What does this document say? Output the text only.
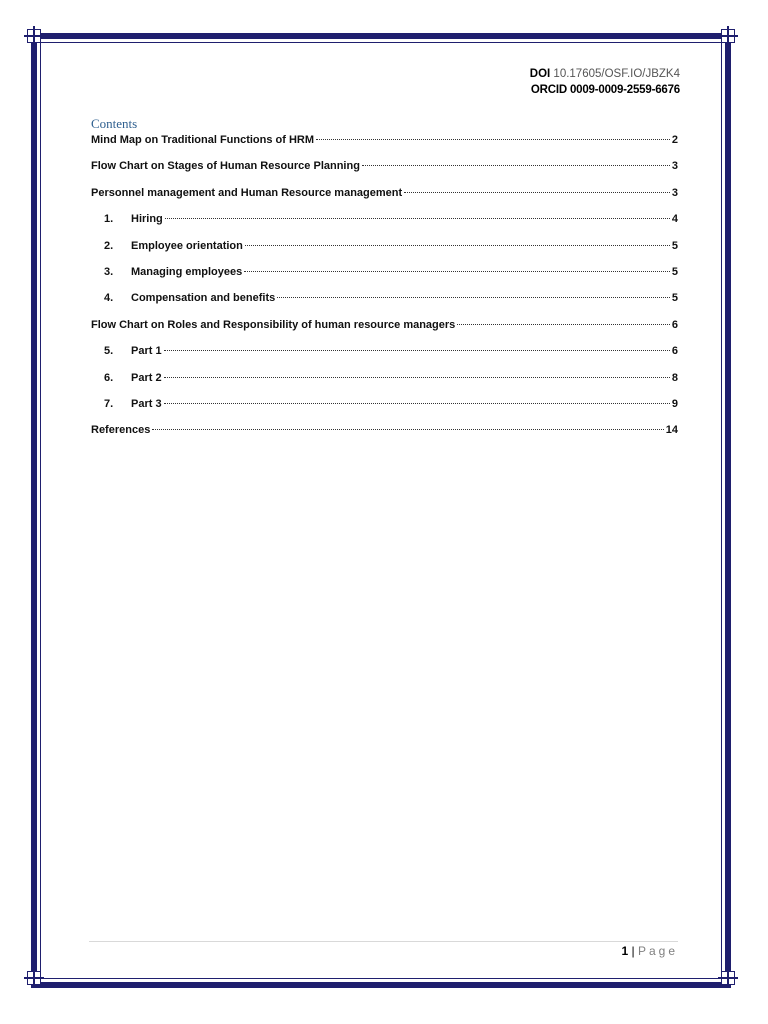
DOI 10.17605/OSF.IO/JBZK4
ORCID 0009-0009-2559-6676
Contents
Mind Map on Traditional Functions of HRM	2
Flow Chart on Stages of Human Resource Planning	3
Personnel management and Human Resource management	3
1.	Hiring	4
2.	Employee orientation	5
3.	Managing employees	5
4.	Compensation and benefits	5
Flow Chart on Roles and Responsibility of human resource managers	6
5.	Part 1	6
6.	Part 2	8
7.	Part 3	9
References	14
1 | Page
